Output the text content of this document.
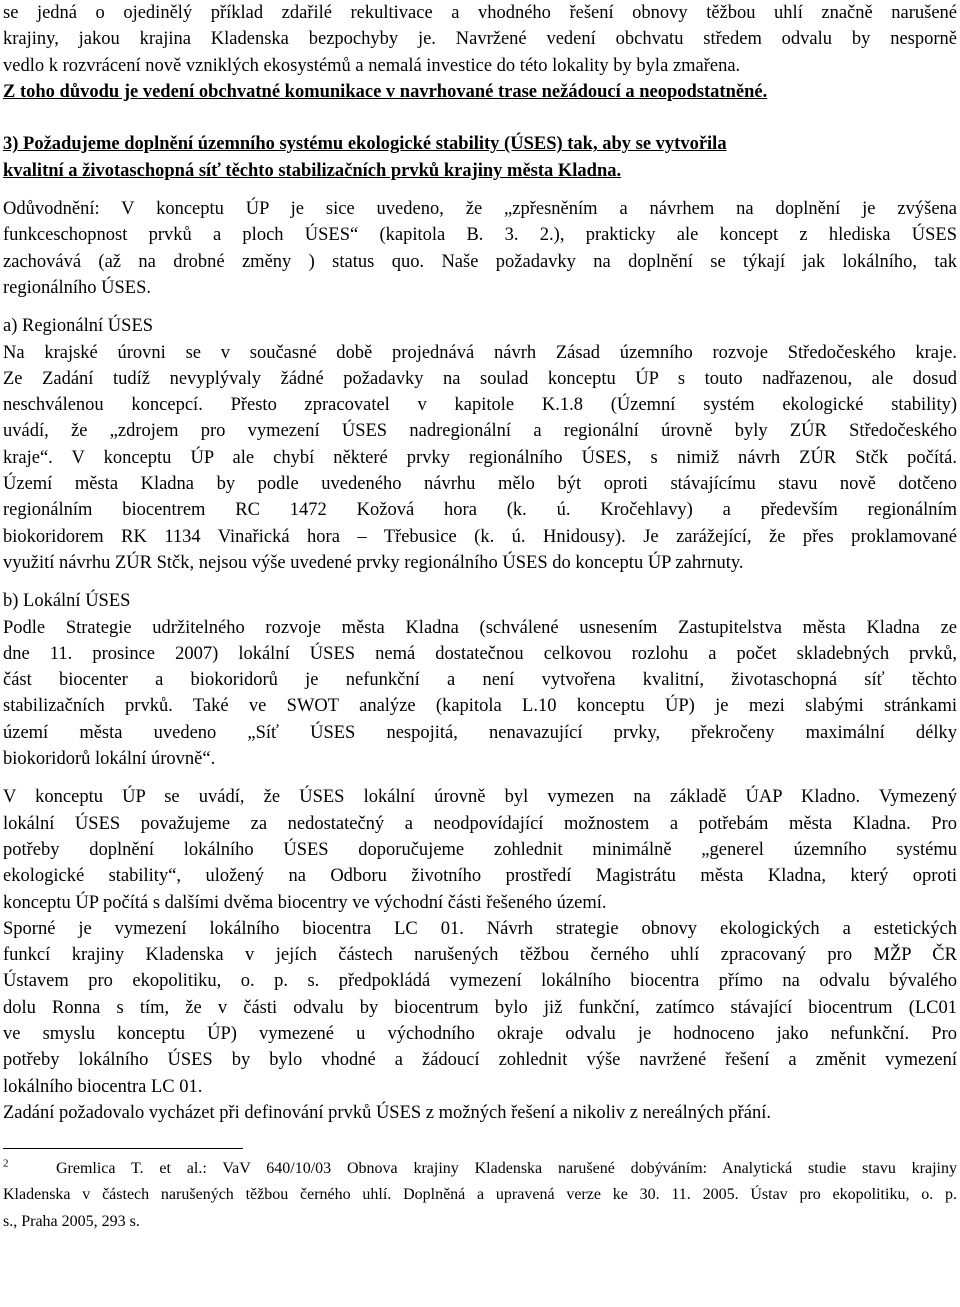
se jedná o ojedinělý příklad zdařilé rekultivace a vhodného řešení obnovy těžbou uhlí značně narušené
krajiny, jakou krajina Kladenska bezpochyby je. Navržené vedení obchvatu středem odvalu by nesporně
vedlo k rozvrácení nově vzniklých ekosystémů a nemalá investice do této lokality by byla zmařena.
Z toho důvodu je vedení obchvatné komunikace v navrhované trase nežádoucí a neopodstatněné.
3) Požadujeme doplnění územního systému ekologické stability (ÚSES) tak, aby se vytvořila
kvalitní a životaschopná síť těchto stabilizačních prvků krajiny města Kladna.
Odůvodnění: V konceptu ÚP je sice uvedeno, že „zpřesněním a návrhem na doplnění je zvýšena
funkceschopnost prvků a ploch ÚSES“ (kapitola B. 3. 2.), prakticky ale koncept z hlediska ÚSES
zachovává (až na drobné změny ) status quo. Naše požadavky na doplnění se týkají jak lokálního, tak
regionálního ÚSES.
a) Regionální ÚSES
Na krajské úrovni se v současné době projednává návrh Zásad územního rozvoje Středočeského kraje.
Ze Zadání tudíž nevyplývaly žádné požadavky na soulad konceptu ÚP s touto nadřazenou, ale dosud
neschválenou koncepcí. Přesto zpracovatel v kapitole K.1.8 (Územní systém ekologické stability)
uvádí, že „zdrojem pro vymezení ÚSES nadregionální a regionální úrovně byly ZÚR Středočeského
kraje“. V konceptu ÚP ale chybí některé prvky regionálního ÚSES, s nimiž návrh ZÚR Stčk počítá.
Území města Kladna by podle uvedeného návrhu mělo být oproti stávajícímu stavu nově dotčeno
regionálním biocentrem RC 1472 Kožová hora (k. ú. Kročehlavy) a především regionálním
biokoridorem RK 1134 Vinařická hora – Třebusice (k. ú. Hnidousy). Je zarážející, že přes proklamované
využití návrhu ZÚR Stčk, nejsou výše uvedené prvky regionálního ÚSES do konceptu ÚP zahrnuty.
b) Lokální ÚSES
Podle Strategie udržitelného rozvoje města Kladna (schválené usnesením Zastupitelstva města Kladna ze
dne 11. prosince 2007) lokální ÚSES nemá dostatečnou celkovou rozlohu a počet skladebných prvků,
část biocenter a biokoridorů je nefunkční a není vytvořena kvalitní, životaschopná síť těchto
stabilizačních prvků. Také ve SWOT analýze (kapitola L.10 konceptu ÚP) je mezi slabými stránkami
území města uvedeno „Síť ÚSES nespojitá, nenavazující prvky, překročeny maximální délky
biokoridorů lokální úrovně“.
V konceptu ÚP se uvádí, že ÚSES lokální úrovně byl vymezen na základě ÚAP Kladno. Vymezený
lokální ÚSES považujeme za nedostatečný a neodpovídající možnostem a potřebám města Kladna. Pro
potřeby doplnění lokálního ÚSES doporučujeme zohlednit minimálně „generel územního systému
ekologické stability“, uložený na Odboru životního prostředí Magistrátu města Kladna, který oproti
konceptu ÚP počítá s dalšími dvěma biocentry ve východní části řešeného území.
Sporné je vymezení lokálního biocentra LC 01. Návrh strategie obnovy ekologických a estetických
funkcí krajiny Kladenska v jejích částech narušených těžbou černého uhlí zpracovaný pro MŽP ČR
Ústavem pro ekopolitiku, o. p. s. předpokládá vymezení lokálního biocentra přímo na odvalu bývalého
dolu Ronna s tím, že v části odvalu by biocentrum bylo již funkční, zatímco stávající biocentrum (LC01
ve smyslu konceptu ÚP) vymezené u východního okraje odvalu je hodnoceno jako nefunkční. Pro
potřeby lokálního ÚSES by bylo vhodné a žádoucí zohlednit výše navržené řešení a změnit vymezení
lokálního biocentra LC 01.
Zadání požadovalo vycházet při definování prvků ÚSES z možných řešení a nikoliv z nereálných přání.
$^2$	Gremlica T. et al.: VaV 640/10/03 Obnova krajiny Kladenska narušené dobýváním: Analytická studie stavu krajiny
Kladenska v částech narušených těžbou černého uhlí. Doplněná a upravená verze ke 30. 11. 2005. Ústav pro ekopolitiku, o. p.
s., Praha 2005, 293 s.
